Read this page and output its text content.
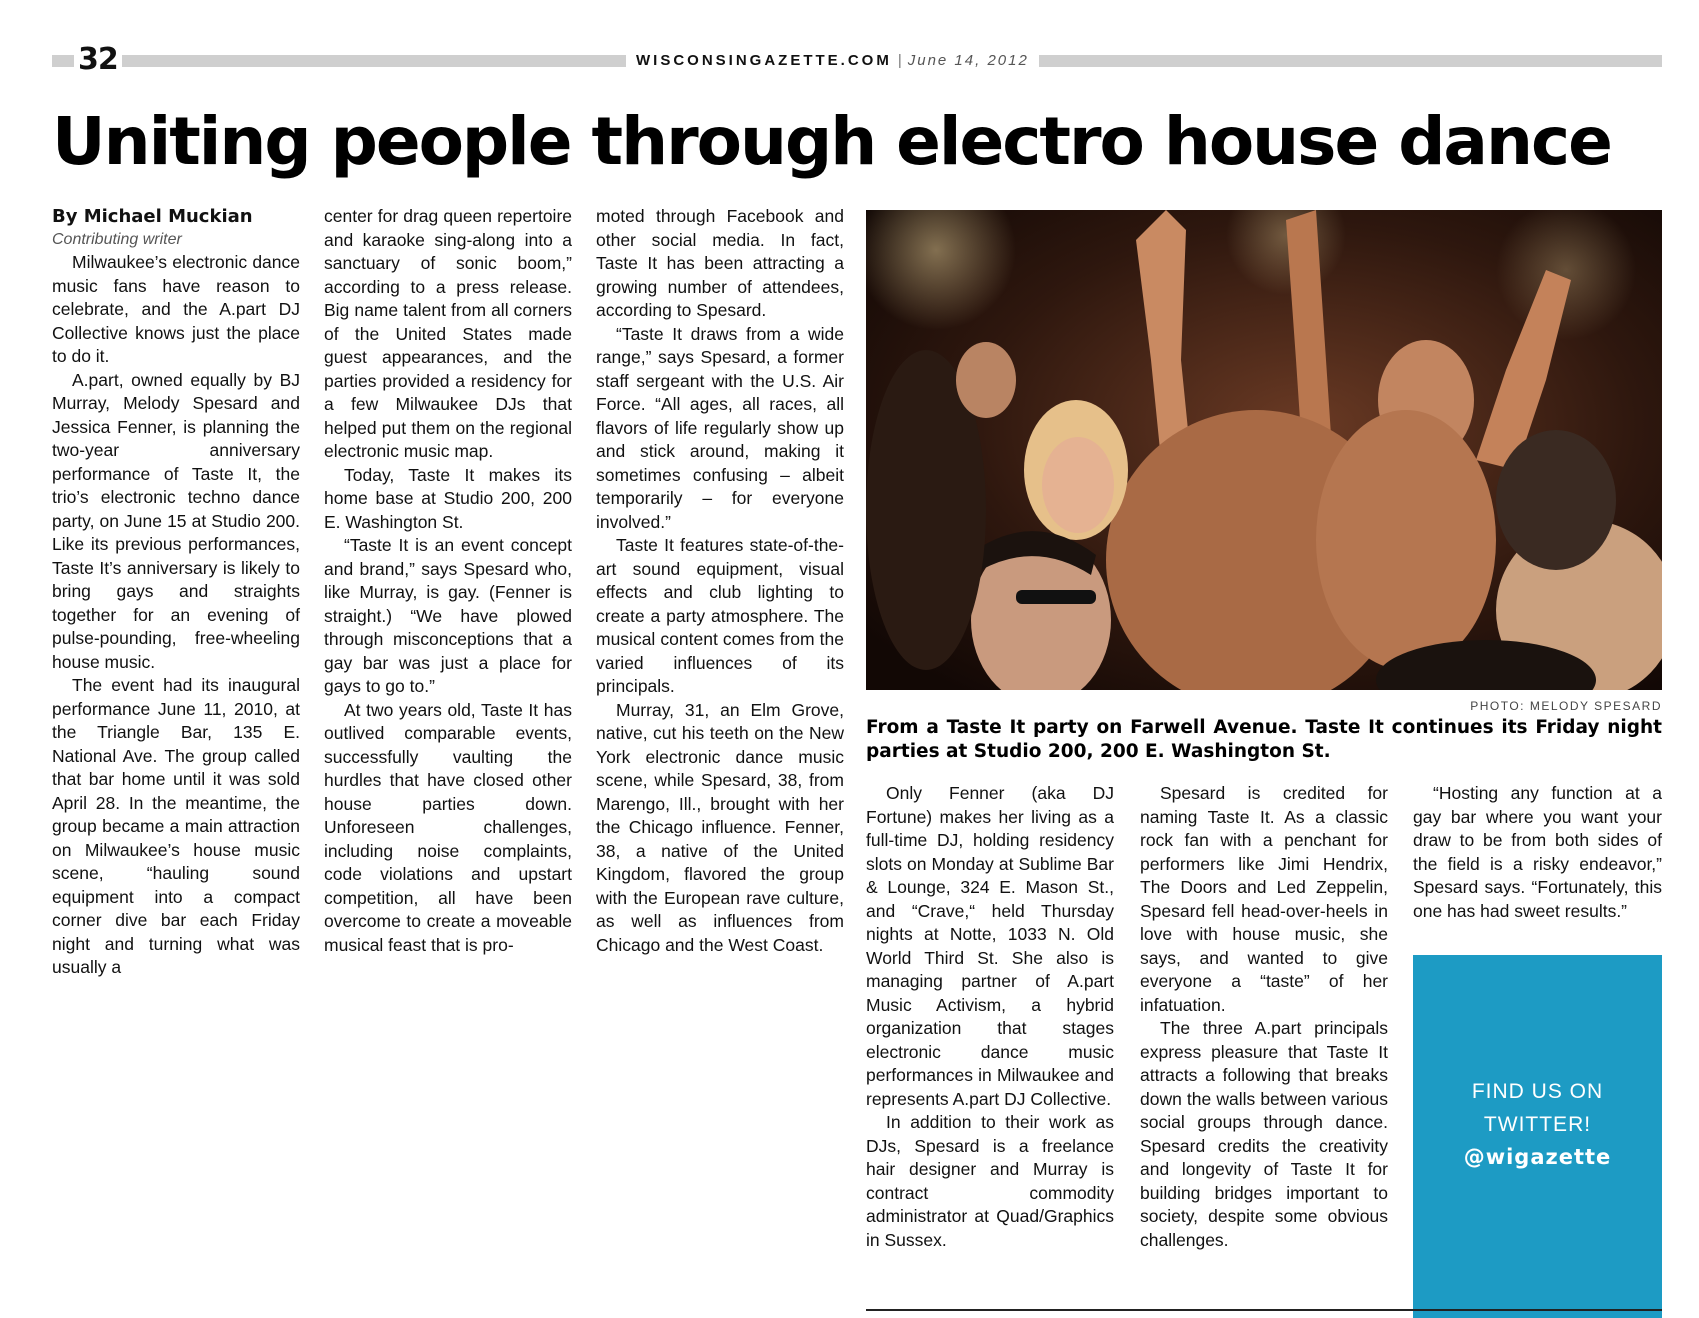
32	WISCONSINGAZETTE.COM | June 14, 2012
Uniting people through electro house dance

By Michael Muckian

Contributing writer

Milwaukee’s electronic dance music fans have reason to celebrate, and the A.part DJ Collective knows just the place to do it.

A.part, owned equally by BJ Murray, Melody Spesard and Jessica Fenner, is planning the two-year anniversary performance of Taste It, the trio’s electronic techno dance party, on June 15 at Studio 200. Like its previous performances, Taste It’s anniversary is likely to bring gays and straights together for an evening of pulse-pounding, free-wheeling house music.

The event had its inaugural performance June 11, 2010, at the Triangle Bar, 135 E. National Ave. The group called that bar home until it was sold April 28. In the meantime, the group became a main attraction on Milwaukee’s house music scene, “hauling sound equipment into a compact corner dive bar each Friday night and turning what was usually a

center for drag queen repertoire and karaoke sing-along into a sanctuary of sonic boom,” according to a press release. Big name talent from all corners of the United States made guest appearances, and the parties provided a residency for a few Milwaukee DJs that helped put them on the regional electronic music map.

Today, Taste It makes its home base at Studio 200, 200 E. Washington St.

“Taste It is an event concept and brand,” says Spesard who, like Murray, is gay. (Fenner is straight.) “We have plowed through misconceptions that a gay bar was just a place for gays to go to.”

At two years old, Taste It has outlived comparable events, successfully vaulting the hurdles that have closed other house parties down. Unforeseen challenges, including noise complaints, code violations and upstart competition, all have been overcome to create a moveable musical feast that is pro-

moted through Facebook and other social media. In fact, Taste It has been attracting a growing number of attendees, according to Spesard.

“Taste It draws from a wide range,” says Spesard, a former staff sergeant with the U.S. Air Force. “All ages, all races, all flavors of life regularly show up and stick around, making it sometimes confusing – albeit temporarily – for everyone involved.”

Taste It features state-of-the-art sound equipment, visual effects and club lighting to create a party atmosphere. The musical content comes from the varied influences of its principals.

Murray, 31, an Elm Grove, native, cut his teeth on the New York electronic dance music scene, while Spesard, 38, from Marengo, Ill., brought with her the Chicago influence. Fenner, 38, a native of the United Kingdom, flavored the group with the European rave culture, as well as influences from Chicago and the West Coast.

PHOTO: MELODY SPESARD

From a Taste It party on Farwell Avenue. Taste It continues its Friday night parties at Studio 200, 200 E. Washington St.

Only Fenner (aka DJ Fortune) makes her living as a full-time DJ, holding residency slots on Monday at Sublime Bar & Lounge, 324 E. Mason St., and “Crave,“ held Thursday nights at Notte, 1033 N. Old World Third St. She also is managing partner of A.part Music Activism, a hybrid organization that stages electronic dance music performances in Milwaukee and represents A.part DJ Collective.

In addition to their work as DJs, Spesard is a freelance hair designer and Murray is contract commodity administrator at Quad/Graphics in Sussex.

Spesard is credited for naming Taste It. As a classic rock fan with a penchant for performers like Jimi Hendrix, The Doors and Led Zeppelin, Spesard fell head-over-heels in love with house music, she says, and wanted to give everyone a “taste” of her infatuation.

The three A.part principals express pleasure that Taste It attracts a following that breaks down the walls between various social groups through dance. Spesard credits the creativity and longevity of Taste It for building bridges important to society, despite some obvious challenges.

“Hosting any function at a gay bar where you want your draw to be from both sides of the field is a risky endeavor,” Spesard says. “Fortunately, this one has had sweet results.”

FIND US ON
TWITTER!
@wigazette
